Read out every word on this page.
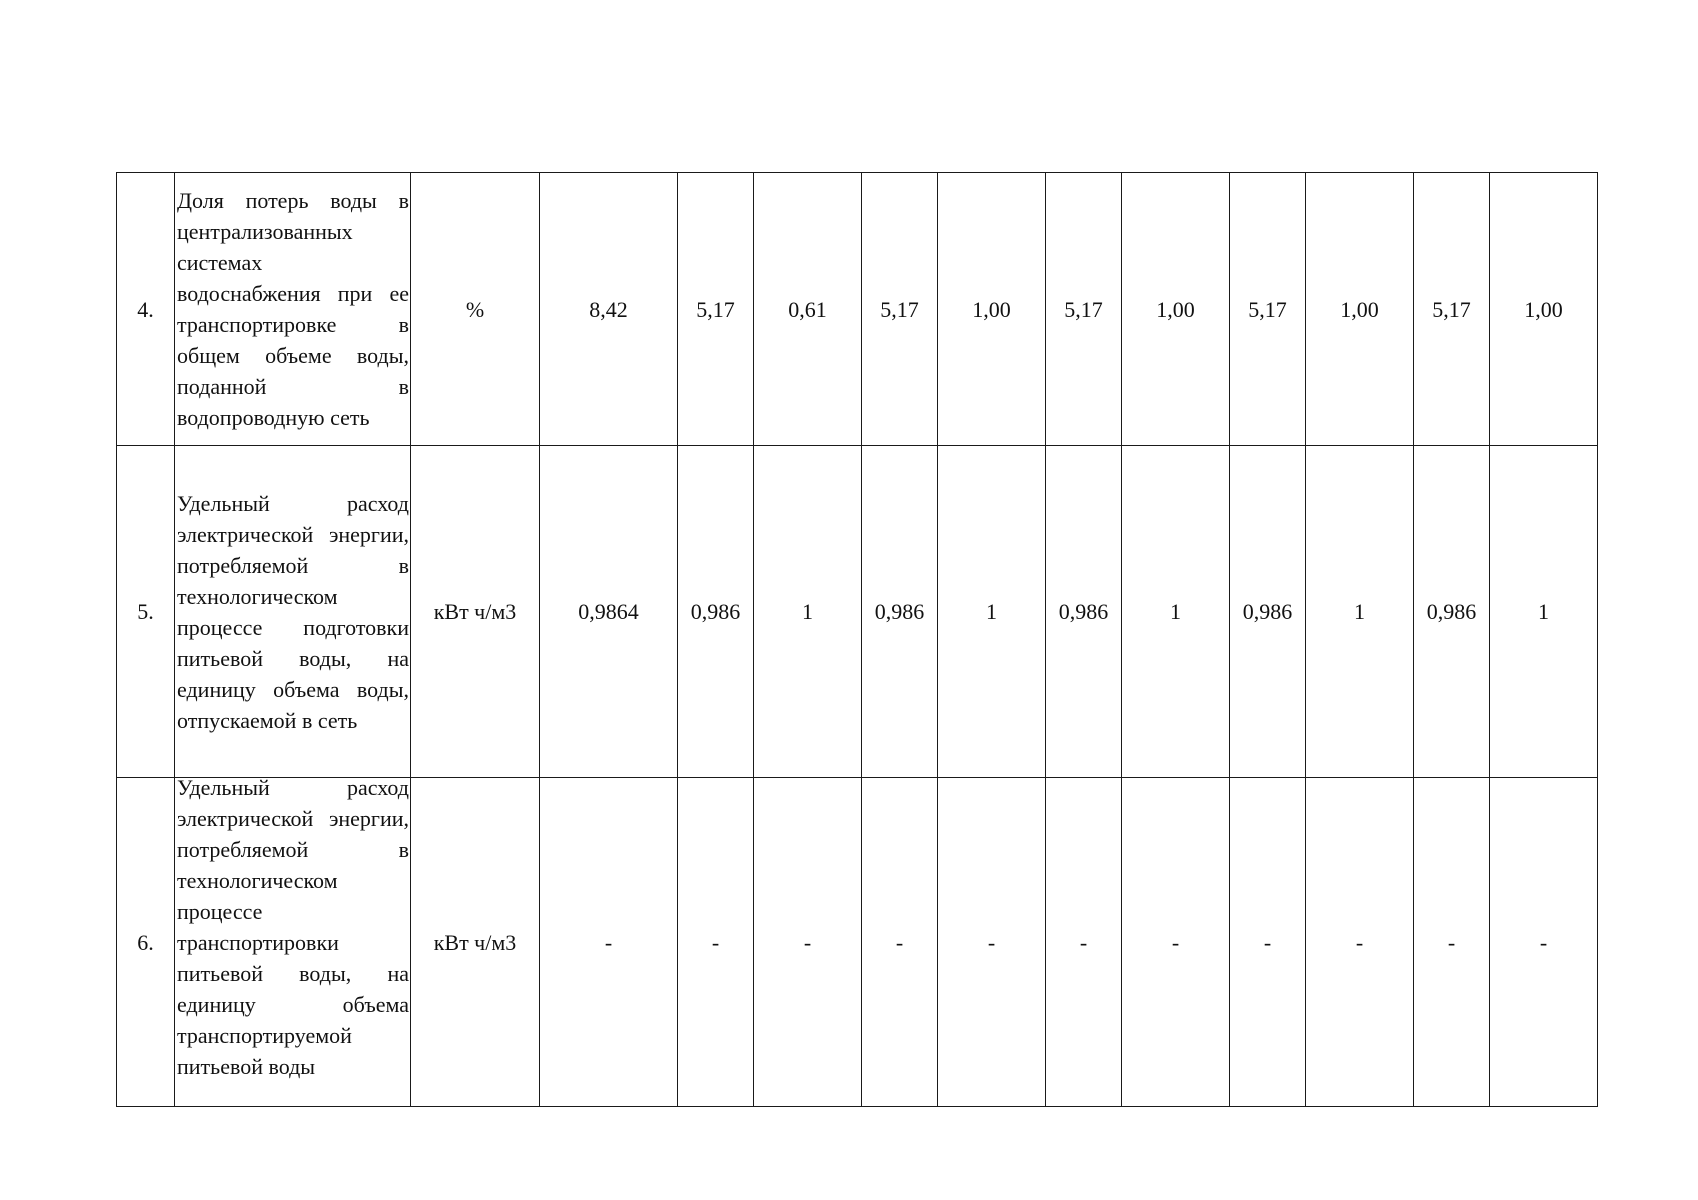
4.	Доля потерь воды в централизованных системах водоснабжения при ее транспортировке в общем объеме воды, поданной в водопроводную сеть	%	8,42	5,17	0,61	5,17	1,00	5,17	1,00	5,17	1,00	5,17	1,00
5.	Удельный расход электрической энергии, потребляемой в технологическом процессе подготовки питьевой воды, на единицу объема воды, отпускаемой в сеть	кВт ч/м3	0,9864	0,986	1	0,986	1	0,986	1	0,986	1	0,986	1
6.	Удельный расход электрической энергии, потребляемой в технологическом процессе транспортировки питьевой воды, на единицу объема транспортируемой питьевой воды	кВт ч/м3	-	-	-	-	-	-	-	-	-	-	-
